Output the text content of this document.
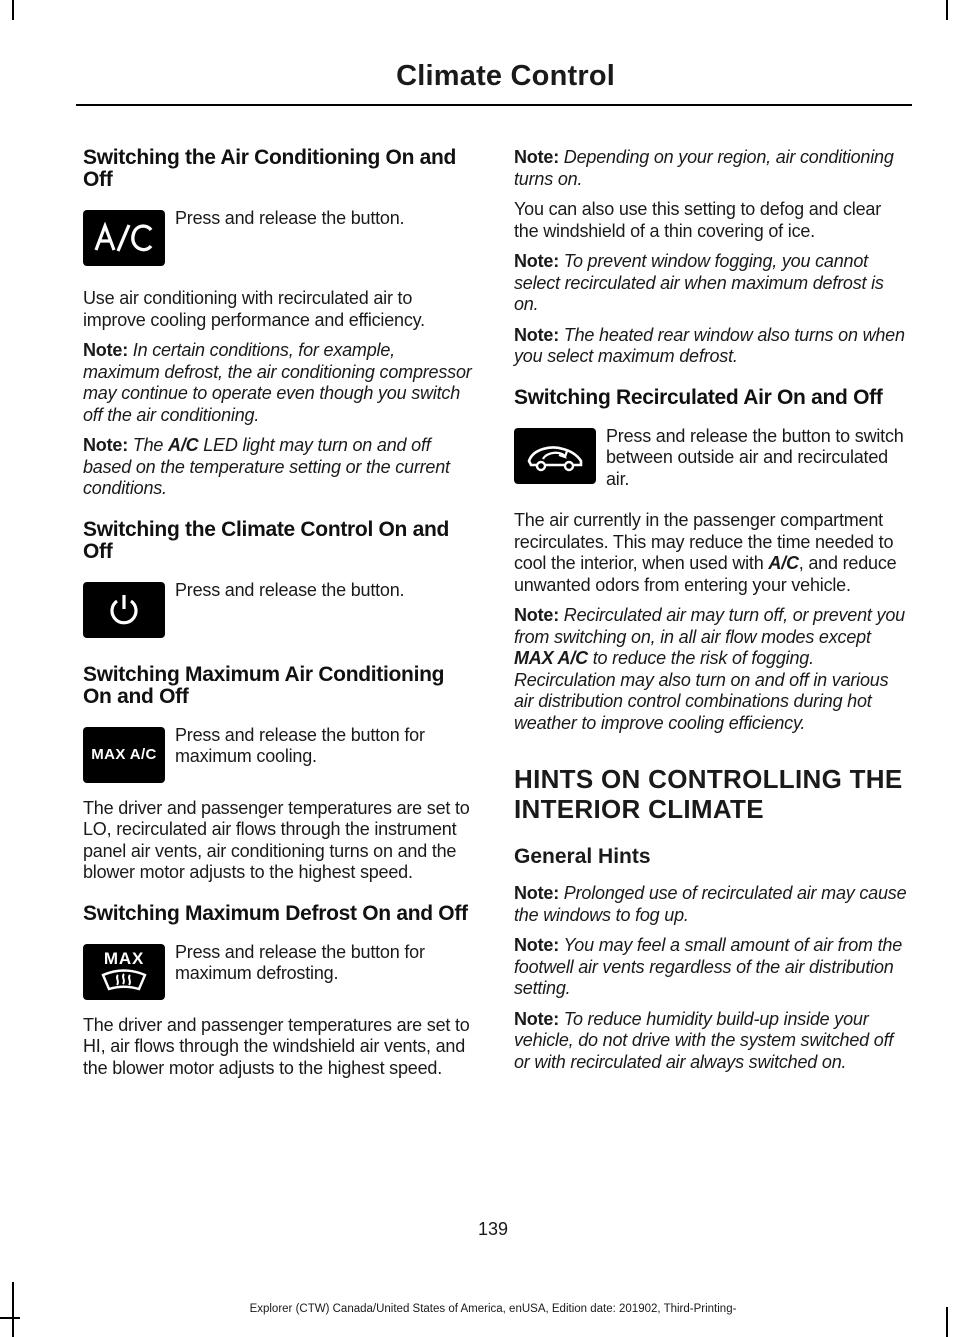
Climate Control
Switching the Air Conditioning On and Off

Press and release the button.

Use air conditioning with recirculated air to improve cooling performance and efficiency.

Note: In certain conditions, for example, maximum defrost, the air conditioning compressor may continue to operate even though you switch off the air conditioning.

Note: The A/C LED light may turn on and off based on the temperature setting or the current conditions.

Switching the Climate Control On and Off

Press and release the button.

Switching Maximum Air Conditioning On and Off
MAX A/C

Press and release the button for maximum cooling.

The driver and passenger temperatures are set to LO, recirculated air flows through the instrument panel air vents, air conditioning turns on and the blower motor adjusts to the highest speed.

Switching Maximum Defrost On and Off
MAX Press and release the button for maximum defrosting.

The driver and passenger temperatures are set to HI, air flows through the windshield air vents, and the blower motor adjusts to the highest speed.

Note: Depending on your region, air conditioning turns on.

You can also use this setting to defog and clear the windshield of a thin covering of ice.

Note: To prevent window fogging, you cannot select recirculated air when maximum defrost is on.

Note: The heated rear window also turns on when you select maximum defrost.

Switching Recirculated Air On and Off

Press and release the button to switch between outside air and recirculated air.

The air currently in the passenger compartment recirculates. This may reduce the time needed to cool the interior, when used with A/C, and reduce unwanted odors from entering your vehicle.

Note: Recirculated air may turn off, or prevent you from switching on, in all air flow modes except MAX A/C to reduce the risk of fogging. Recirculation may also turn on and off in various air distribution control combinations during hot weather to improve cooling efficiency.

HINTS ON CONTROLLING THE
INTERIOR CLIMATE
General Hints

Note: Prolonged use of recirculated air may cause the windows to fog up.

Note: You may feel a small amount of air from the footwell air vents regardless of the air distribution setting.

Note: To reduce humidity build-up inside your vehicle, do not drive with the system switched off or with recirculated air always switched on.

139
Explorer (CTW) Canada/United States of America, enUSA, Edition date: 201902, Third-Printing-
